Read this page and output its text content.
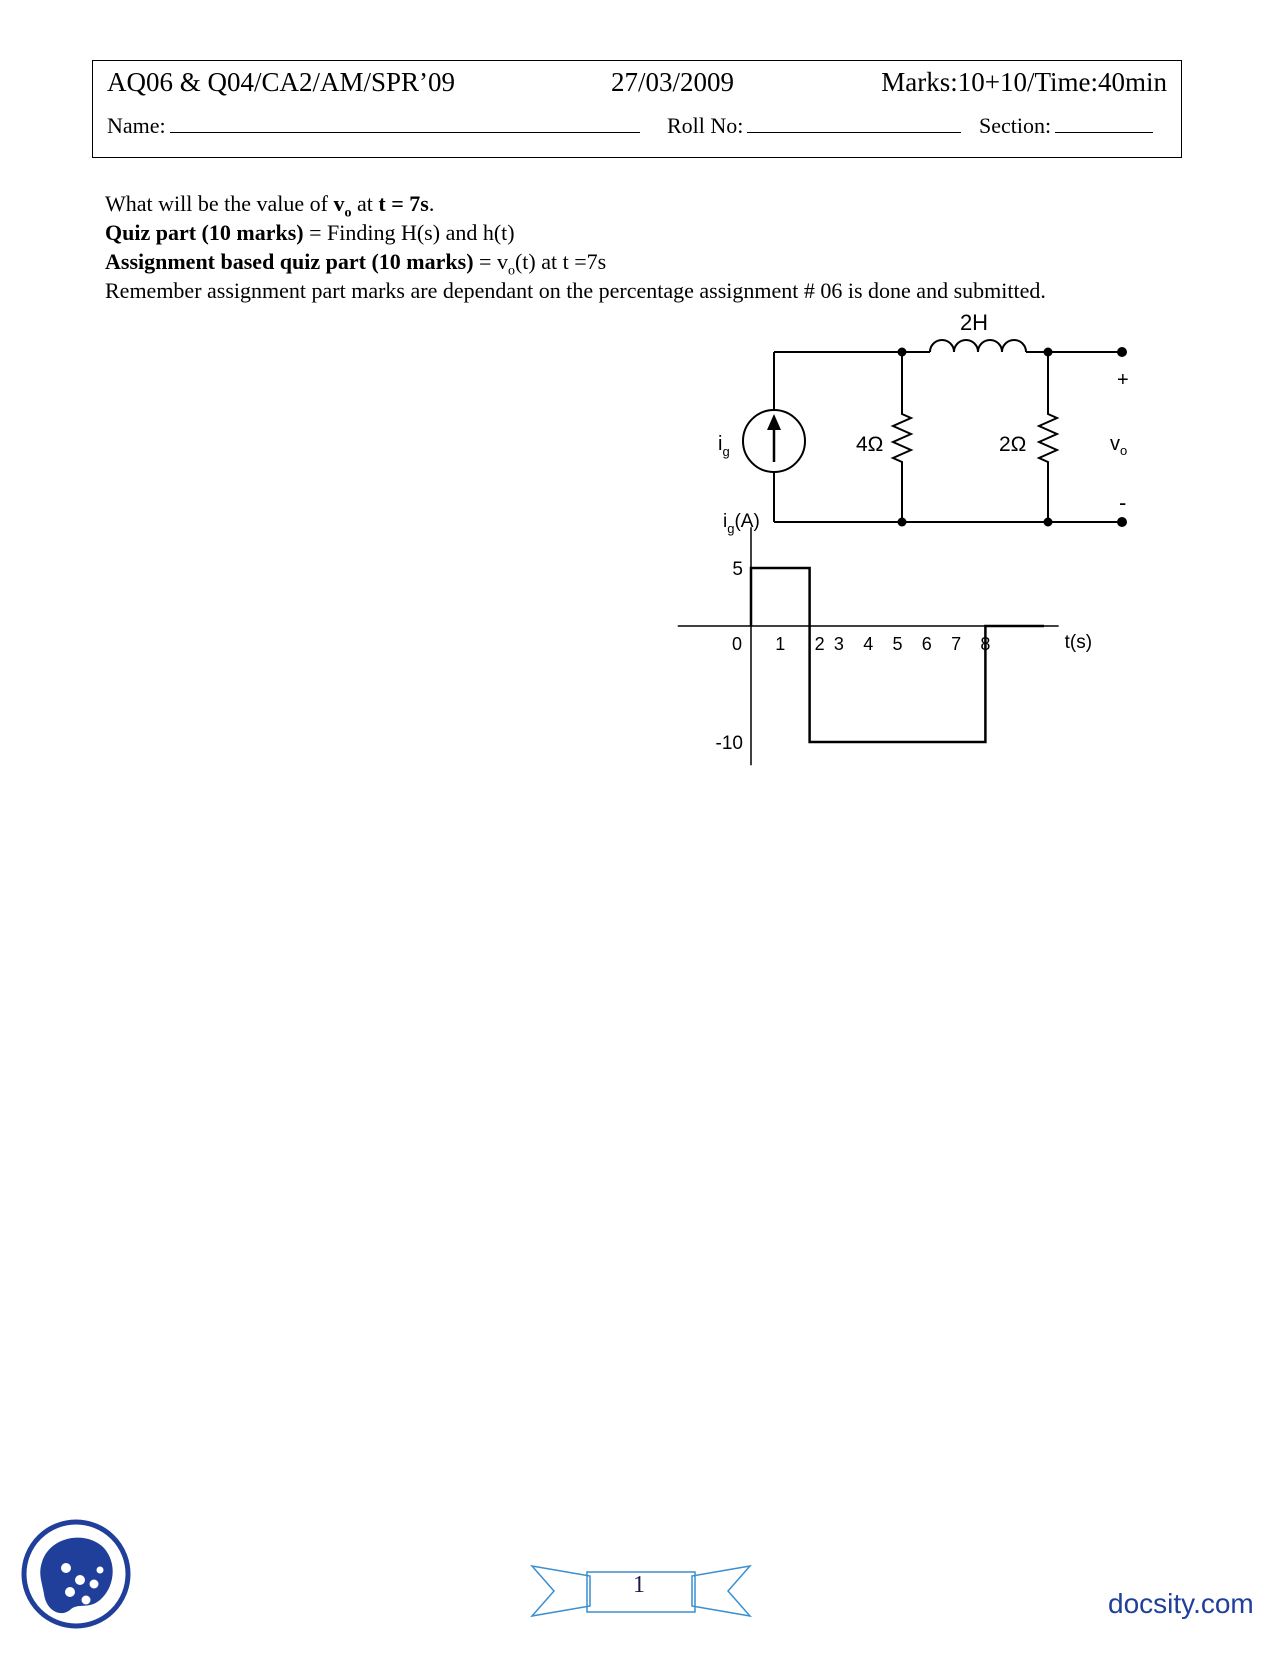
AQ06 & Q04/CA2/AM/SPR’09	27/03/2009	Marks:10+10/Time:40min
Name:	Roll No:	Section:
What will be the value of $v_o$ at t = 7s.
Quiz part (10 marks) = Finding H(s) and h(t)
Assignment based quiz part (10 marks) = $v_o(t)$ at t =7s
Remember assignment part marks are dependant on the percentage assignment # 06 is done and submitted.
2H
+
-
$i_g$	4Ω	2Ω	$v_o$
5
-10
0 1 2 3 4 5 6 7 8
$i_g(A)$
t(s)
1
docsity.com
